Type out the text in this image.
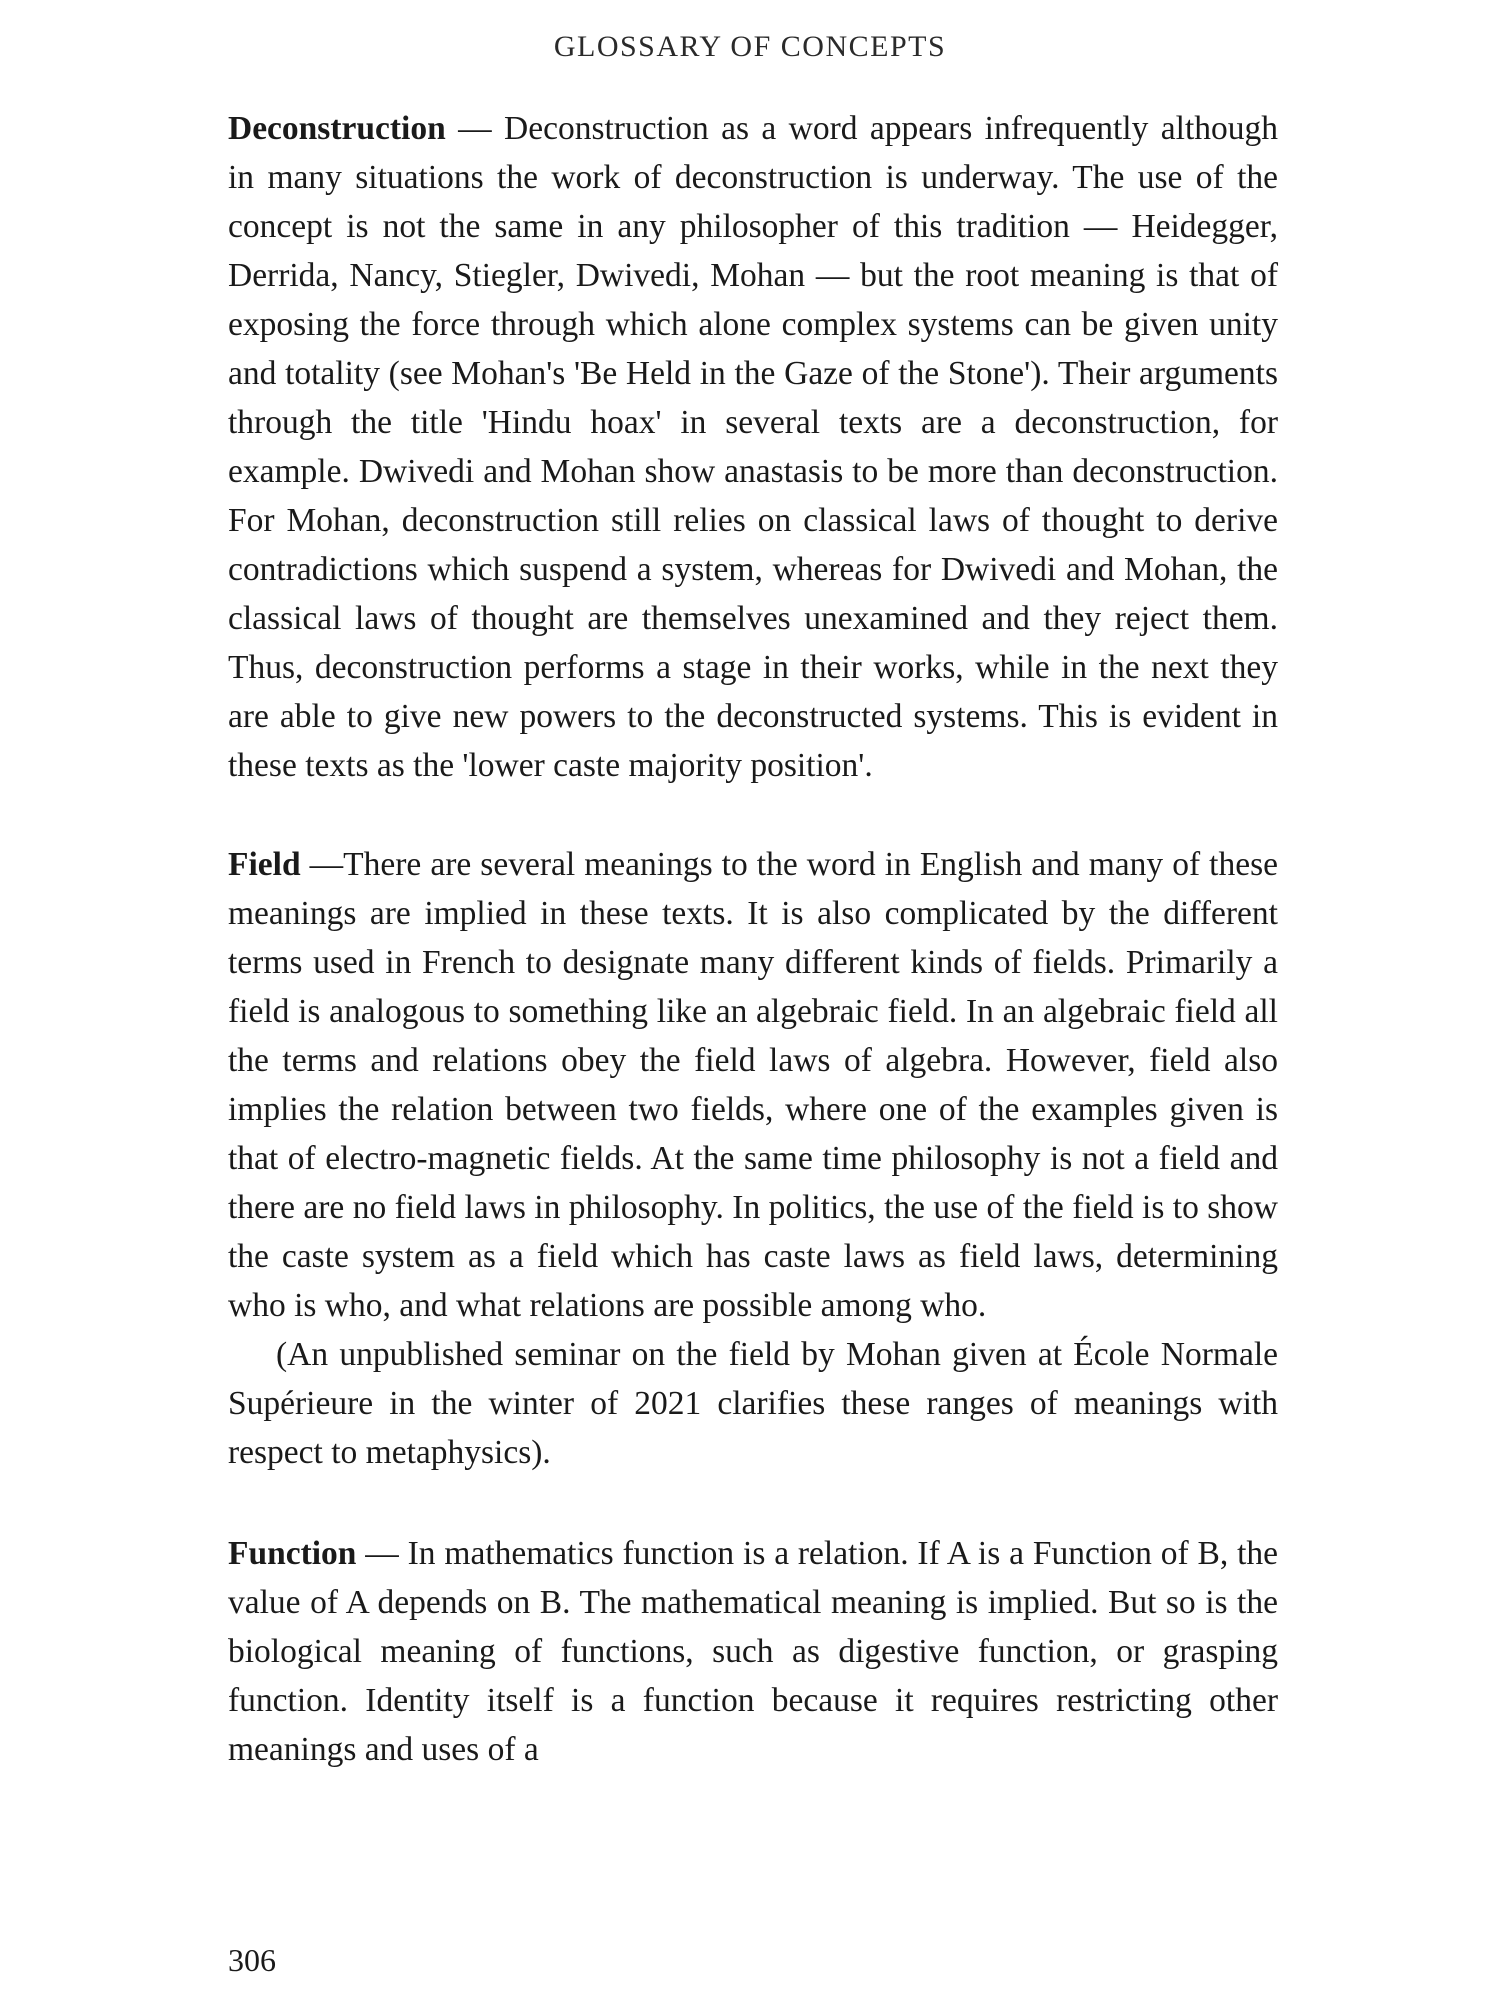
GLOSSARY OF CONCEPTS

Deconstruction — Deconstruction as a word appears infrequently although in many situations the work of deconstruction is underway. The use of the concept is not the same in any philosopher of this tradition — Heidegger, Derrida, Nancy, Stiegler, Dwivedi, Mohan — but the root meaning is that of exposing the force through which alone complex systems can be given unity and totality (see Mohan's 'Be Held in the Gaze of the Stone'). Their arguments through the title 'Hindu hoax' in several texts are a deconstruction, for example. Dwivedi and Mohan show anastasis to be more than deconstruction. For Mohan, deconstruction still relies on classical laws of thought to derive contradictions which suspend a system, whereas for Dwivedi and Mohan, the classical laws of thought are themselves unexamined and they reject them. Thus, deconstruction performs a stage in their works, while in the next they are able to give new powers to the deconstructed systems. This is evident in these texts as the 'lower caste majority position'.

Field —There are several meanings to the word in English and many of these meanings are implied in these texts. It is also complicated by the different terms used in French to designate many different kinds of fields. Primarily a field is analogous to something like an algebraic field. In an algebraic field all the terms and relations obey the field laws of algebra. However, field also implies the relation between two fields, where one of the examples given is that of electro-magnetic fields. At the same time philosophy is not a field and there are no field laws in philosophy. In politics, the use of the field is to show the caste system as a field which has caste laws as field laws, determining who is who, and what relations are possible among who.

(An unpublished seminar on the field by Mohan given at École Normale Supérieure in the winter of 2021 clarifies these ranges of meanings with respect to metaphysics).

Function — In mathematics function is a relation. If A is a Function of B, the value of A depends on B. The mathematical meaning is implied. But so is the biological meaning of functions, such as digestive function, or grasping function. Identity itself is a function because it requires restricting other meanings and uses of a

306
